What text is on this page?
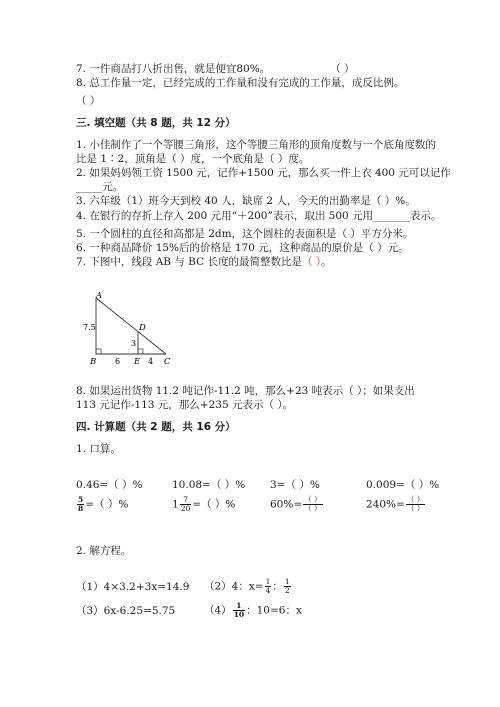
7. 一件商品打八折出售，就是便宜80%。	（ ）
8. 总工作量一定，已经完成的工作量和没有完成的工作量，成反比例。
（ ）
三. 填空题（共 8 题，共 12 分）
1. 小佳制作了一个等腰三角形，这个等腰三角形的顶角度数与一个底角度数的
比是 1∶2，顶角是（ ）度，一个底角是（ ）度。
2. 如果妈妈领工资 1500 元，记作+1500 元，那么买一件上衣 400 元可以记作
_____元。
3. 六年级（1）班今天到校 40 人，缺席 2 人，今天的出勤率是（ ）%。
4. 在银行的存折上存入 200 元用“＋200”表示，取出 500 元用_______表示。
5. 一个圆柱的直径和高都是 2dm，这个圆柱的表面积是（ ）平方分米。
6. 一种商品降价 15%后的价格是 170 元，这种商品的原价是（ ）元。
7. 下图中，线段 AB 与 BC 长度的最简整数比是（ ）。
A
D
B	E	C
7.5
3
6	4
8. 如果运出货物 11.2 吨记作-11.2 吨，那么+23 吨表示（ ）；如果支出
113 元记作-113 元，那么+235 元表示（ ）。
四. 计算题（共 2 题，共 16 分）
1. 口算。
0.46=（ ）%	10.08=（ ）% 3=（ ）%	0.009=（ ）%
$\frac{5}{8}$ =（ ）%	$1 \frac{7}{20}$ =（ ）%	$60\%= \frac{( )}{( )}$	$240\%= \frac{( )}{( )}$
2. 解方程。
（1）4×3.2+3x=14.9 （2）4：$x= \frac{1}{4}$ ： $\frac{1}{2}$
（3）6x-6.25=5.75	$(4) \frac{1}{10}$ ：10=6：x
